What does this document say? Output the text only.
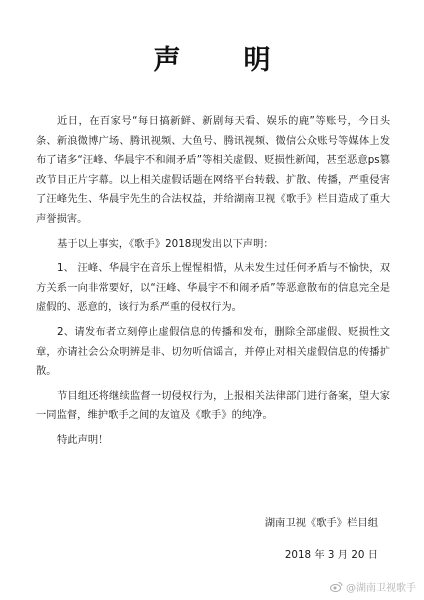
声　明

近日，在百家号“每日搞新鲜、新剧每天看、娱乐的鹿”等账号，今日头条、新浪微博广场、腾讯视频、大鱼号、腾讯视频、微信公众账号等媒体上发布了诸多“汪峰、华晨宇不和闹矛盾”等相关虚假、贬损性新闻，甚至恶意ps篡改节目正片字幕。以上相关虚假话题在网络平台转载、扩散、传播，严重侵害了汪峰先生、华晨宇先生的合法权益，并给湖南卫视《歌手》栏目造成了重大声誉损害。

基于以上事实，《歌手》2018现发出以下声明：

1、 汪峰、华晨宇在音乐上惺惺相惜，从未发生过任何矛盾与不愉快，双方关系一向非常要好，以“汪峰、华晨宇不和闹矛盾”等恶意散布的信息完全是虚假的、恶意的，该行为系严重的侵权行为。

2、请发布者立刻停止虚假信息的传播和发布，删除全部虚假、贬损性文章，亦请社会公众明辨是非、切勿听信谣言，并停止对相关虚假信息的传播扩散。

节目组还将继续监督一切侵权行为，上报相关法律部门进行备案，望大家一同监督，维护歌手之间的友谊及《歌手》的纯净。

特此声明！

湖南卫视《歌手》栏目组
2018 年 3 月 20 日
@湖南卫视歌手
